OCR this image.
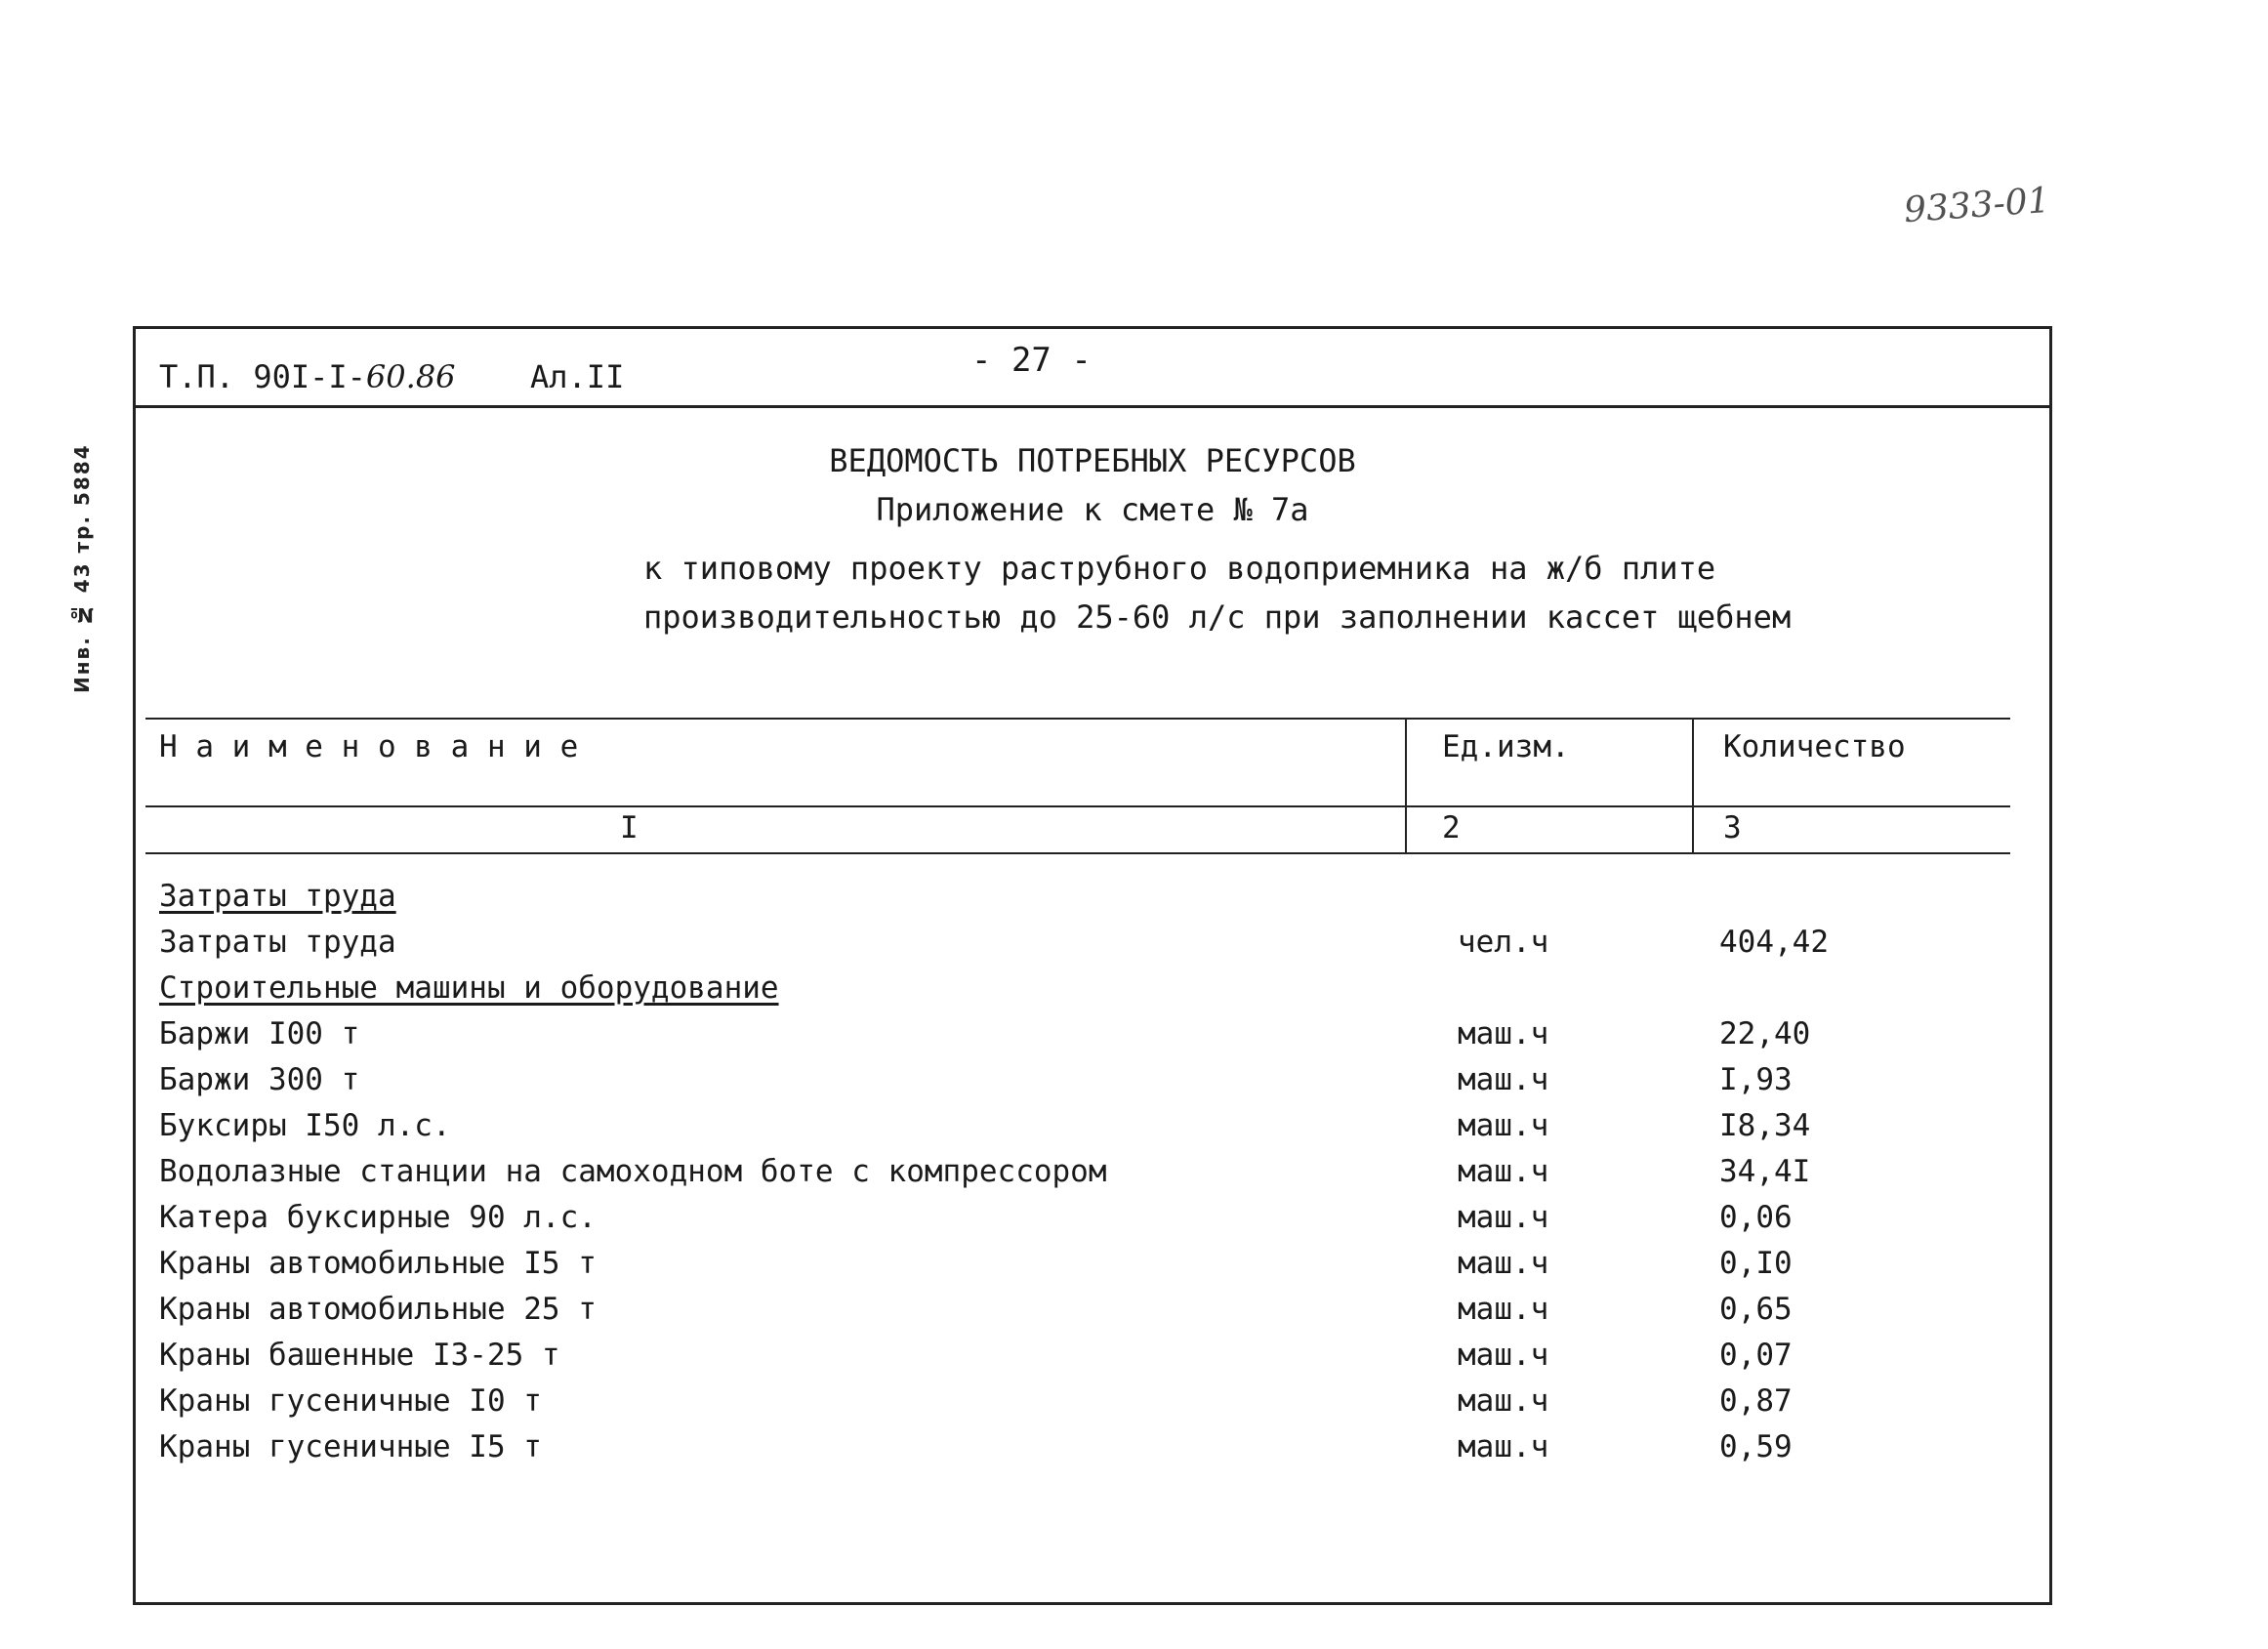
9333-01
Инв. № 43 тр. 5884
Т.П. 90I-I-60.86 Ал.II	- 27 -
ВЕДОМОСТЬ ПОТРЕБНЫХ РЕСУРСОВ
Приложение к смете № 7а
к типовому проекту раструбного водоприемника на ж/б плите
производительностью до 25-60 л/с при заполнении кассет щебнем
Н а и м е н о в а н и е	Ед.изм.	Количество
I	2	3
Затраты труда
Затраты труда	чел.ч	404,42
Строительные машины и оборудование
Баржи I00 т	маш.ч	22,40
Баржи 300 т	маш.ч	I,93
Буксиры I50 л.с.	маш.ч	I8,34
Водолазные станции на самоходном боте с компрессором	маш.ч	34,4I
Катера буксирные 90 л.с.	маш.ч	0,06
Краны автомобильные I5 т	маш.ч	0,I0
Краны автомобильные 25 т	маш.ч	0,65
Краны башенные I3-25 т	маш.ч	0,07
Краны гусеничные I0 т	маш.ч	0,87
Краны гусеничные I5 т	маш.ч	0,59
